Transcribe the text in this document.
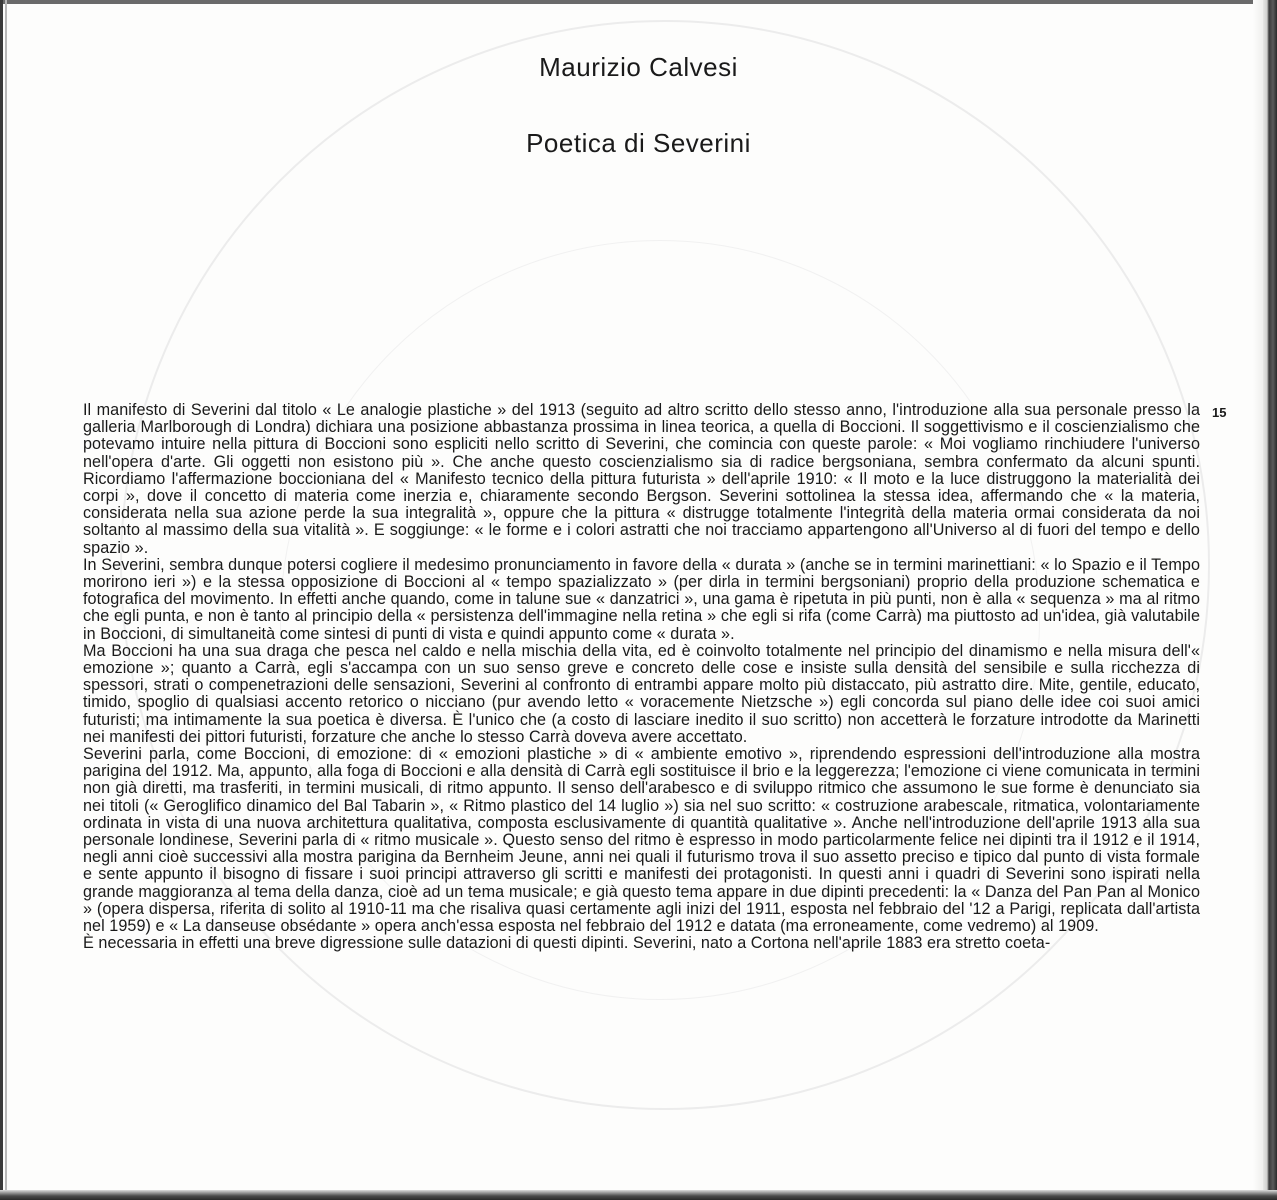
Maurizio Calvesi
Poetica di Severini
15

Il manifesto di Severini dal titolo « Le analogie plastiche » del 1913 (seguito ad altro scritto dello stesso anno, l'introduzione alla sua personale presso la galleria Marlborough di Londra) dichiara una posizione abbastanza prossima in linea teorica, a quella di Boccioni. Il soggettivismo e il coscienzialismo che potevamo intuire nella pittura di Boccioni sono espliciti nello scritto di Severini, che comincia con queste parole: « Moi vogliamo rinchiudere l'universo nell'opera d'arte. Gli oggetti non esistono più ». Che anche questo coscienzialismo sia di radice bergsoniana, sembra confermato da alcuni spunti. Ricordiamo l'affermazione boccioniana del « Manifesto tecnico della pittura futurista » dell'aprile 1910: « Il moto e la luce distruggono la materialità dei corpi », dove il concetto di materia come inerzia e, chiaramente secondo Bergson. Severini sottolinea la stessa idea, affermando che « la materia, considerata nella sua azione perde la sua integralità », oppure che la pittura « distrugge totalmente l'integrità della materia ormai considerata da noi soltanto al massimo della sua vitalità ». E soggiunge: « le forme e i colori astratti che noi tracciamo appartengono all'Universo al di fuori del tempo e dello spazio ».

In Severini, sembra dunque potersi cogliere il medesimo pronunciamento in favore della « durata » (anche se in termini marinettiani: « lo Spazio e il Tempo morirono ieri ») e la stessa opposizione di Boccioni al « tempo spazializzato » (per dirla in termini bergsoniani) proprio della produzione schematica e fotografica del movimento. In effetti anche quando, come in talune sue « danzatrici », una gama è ripetuta in più punti, non è alla « sequenza » ma al ritmo che egli punta, e non è tanto al principio della « persistenza dell'immagine nella retina » che egli si rifa (come Carrà) ma piuttosto ad un'idea, già valutabile in Boccioni, di simultaneità come sintesi di punti di vista e quindi appunto come « durata ».

Ma Boccioni ha una sua draga che pesca nel caldo e nella mischia della vita, ed è coinvolto totalmente nel principio del dinamismo e nella misura dell'« emozione »; quanto a Carrà, egli s'accampa con un suo senso greve e concreto delle cose e insiste sulla densità del sensibile e sulla ricchezza di spessori, strati o compenetrazioni delle sensazioni, Severini al confronto di entrambi appare molto più distaccato, più astratto dire. Mite, gentile, educato, timido, spoglio di qualsiasi accento retorico o nicciano (pur avendo letto « voracemente Nietzsche ») egli concorda sul piano delle idee coi suoi amici futuristi; ma intimamente la sua poetica è diversa. È l'unico che (a costo di lasciare inedito il suo scritto) non accetterà le forzature introdotte da Marinetti nei manifesti dei pittori futuristi, forzature che anche lo stesso Carrà doveva avere accettato.

Severini parla, come Boccioni, di emozione: di « emozioni plastiche » di « ambiente emotivo », riprendendo espressioni dell'introduzione alla mostra parigina del 1912. Ma, appunto, alla foga di Boccioni e alla densità di Carrà egli sostituisce il brio e la leggerezza; l'emozione ci viene comunicata in termini non già diretti, ma trasferiti, in termini musicali, di ritmo appunto. Il senso dell'arabesco e di sviluppo ritmico che assumono le sue forme è denunciato sia nei titoli (« Geroglifico dinamico del Bal Tabarin », « Ritmo plastico del 14 luglio ») sia nel suo scritto: « costruzione arabescale, ritmatica, volontariamente ordinata in vista di una nuova architettura qualitativa, composta esclusivamente di quantità qualitative ». Anche nell'introduzione dell'aprile 1913 alla sua personale londinese, Severini parla di « ritmo musicale ». Questo senso del ritmo è espresso in modo particolarmente felice nei dipinti tra il 1912 e il 1914, negli anni cioè successivi alla mostra parigina da Bernheim Jeune, anni nei quali il futurismo trova il suo assetto preciso e tipico dal punto di vista formale e sente appunto il bisogno di fissare i suoi principi attraverso gli scritti e manifesti dei protagonisti. In questi anni i quadri di Severini sono ispirati nella grande maggioranza al tema della danza, cioè ad un tema musicale; e già questo tema appare in due dipinti precedenti: la « Danza del Pan Pan al Monico » (opera dispersa, riferita di solito al 1910-11 ma che risaliva quasi certamente agli inizi del 1911, esposta nel febbraio del '12 a Parigi, replicata dall'artista nel 1959) e « La danseuse obsédante » opera anch'essa esposta nel febbraio del 1912 e datata (ma erroneamente, come vedremo) al 1909.

È necessaria in effetti una breve digressione sulle datazioni di questi dipinti. Severini, nato a Cortona nell'aprile 1883 era stretto coeta-
